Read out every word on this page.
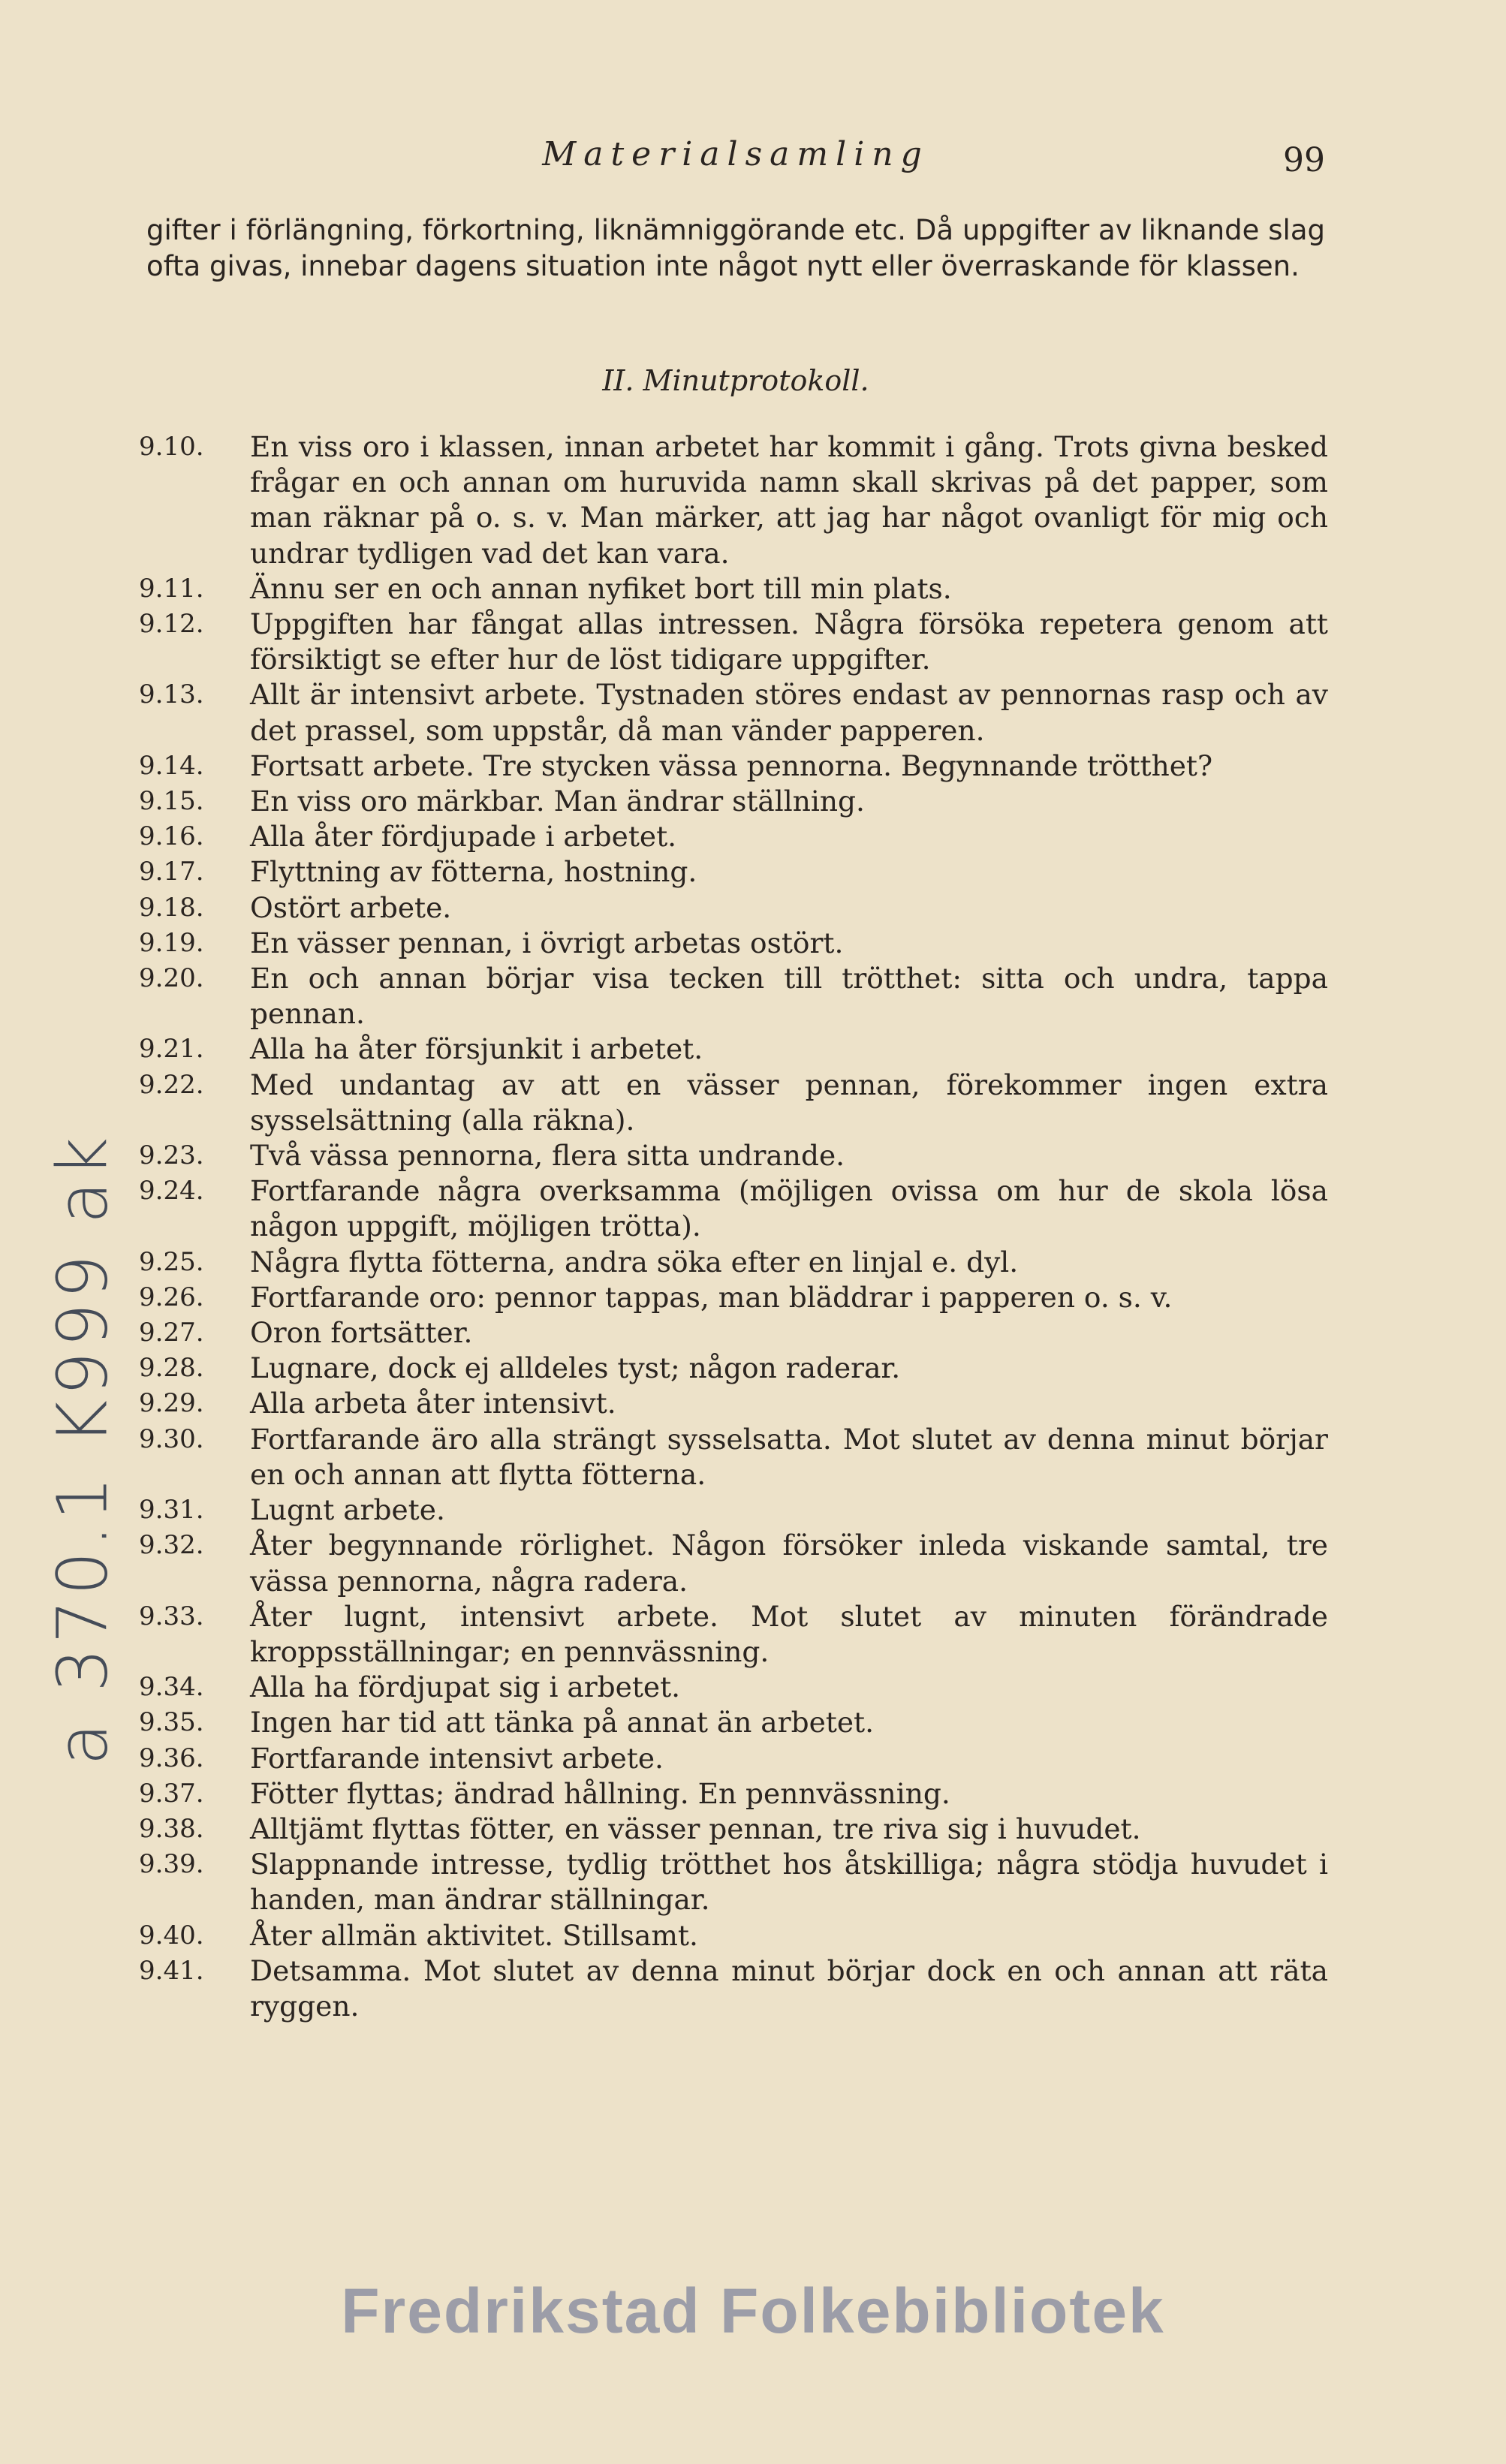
Materialsamling	99

gifter i förlängning, förkortning, liknämniggörande etc. Då uppgifter av liknande slag ofta givas, innebar dagens situation inte något nytt eller överraskande för klassen.

II. Minutprotokoll.
9.10.	En viss oro i klassen, innan arbetet har kommit i gång. Trots givna besked frågar en och annan om huruvida namn skall skrivas på det papper, som man räknar på o. s. v. Man märker, att jag har något ovanligt för mig och undrar tydligen vad det kan vara.
9.11.	Ännu ser en och annan nyfiket bort till min plats.
9.12.	Uppgiften har fångat allas intressen. Några försöka repetera genom att försiktigt se efter hur de löst tidigare uppgifter.
9.13.	Allt är intensivt arbete. Tystnaden störes endast av pennornas rasp och av det prassel, som uppstår, då man vänder papperen.
9.14.	Fortsatt arbete. Tre stycken vässa pennorna. Begynnande trötthet?
9.15.	En viss oro märkbar. Man ändrar ställning.
9.16.	Alla åter fördjupade i arbetet.
9.17.	Flyttning av fötterna, hostning.
9.18.	Ostört arbete.
9.19.	En vässer pennan, i övrigt arbetas ostört.
9.20.	En och annan börjar visa tecken till trötthet: sitta och undra, tappa pennan.
9.21.	Alla ha åter försjunkit i arbetet.
9.22.	Med undantag av att en vässer pennan, förekommer ingen extra sysselsättning (alla räkna).
9.23.	Två vässa pennorna, flera sitta undrande.
9.24.	Fortfarande några overksamma (möjligen ovissa om hur de skola lösa någon uppgift, möjligen trötta).
9.25.	Några flytta fötterna, andra söka efter en linjal e. dyl.
9.26.	Fortfarande oro: pennor tappas, man bläddrar i papperen o. s. v.
9.27.	Oron fortsätter.
9.28.	Lugnare, dock ej alldeles tyst; någon raderar.
9.29.	Alla arbeta åter intensivt.
9.30.	Fortfarande äro alla strängt sysselsatta. Mot slutet av denna minut börjar en och annan att flytta fötterna.
9.31.	Lugnt arbete.
9.32.	Åter begynnande rörlighet. Någon försöker inleda viskande samtal, tre vässa pennorna, några radera.
9.33.	Åter lugnt, intensivt arbete. Mot slutet av minuten förändrade kroppsställningar; en pennvässning.
9.34.	Alla ha fördjupat sig i arbetet.
9.35.	Ingen har tid att tänka på annat än arbetet.
9.36.	Fortfarande intensivt arbete.
9.37.	Fötter flyttas; ändrad hållning. En pennvässning.
9.38.	Alltjämt flyttas fötter, en vässer pennan, tre riva sig i huvudet.
9.39.	Slappnande intresse, tydlig trötthet hos åtskilliga; några stödja huvudet i handen, man ändrar ställningar.
9.40.	Åter allmän aktivitet. Stillsamt.
9.41.	Detsamma. Mot slutet av denna minut börjar dock en och annan att räta ryggen.
a 370.1 K999 ak
Fredrikstad Folkebibliotek
